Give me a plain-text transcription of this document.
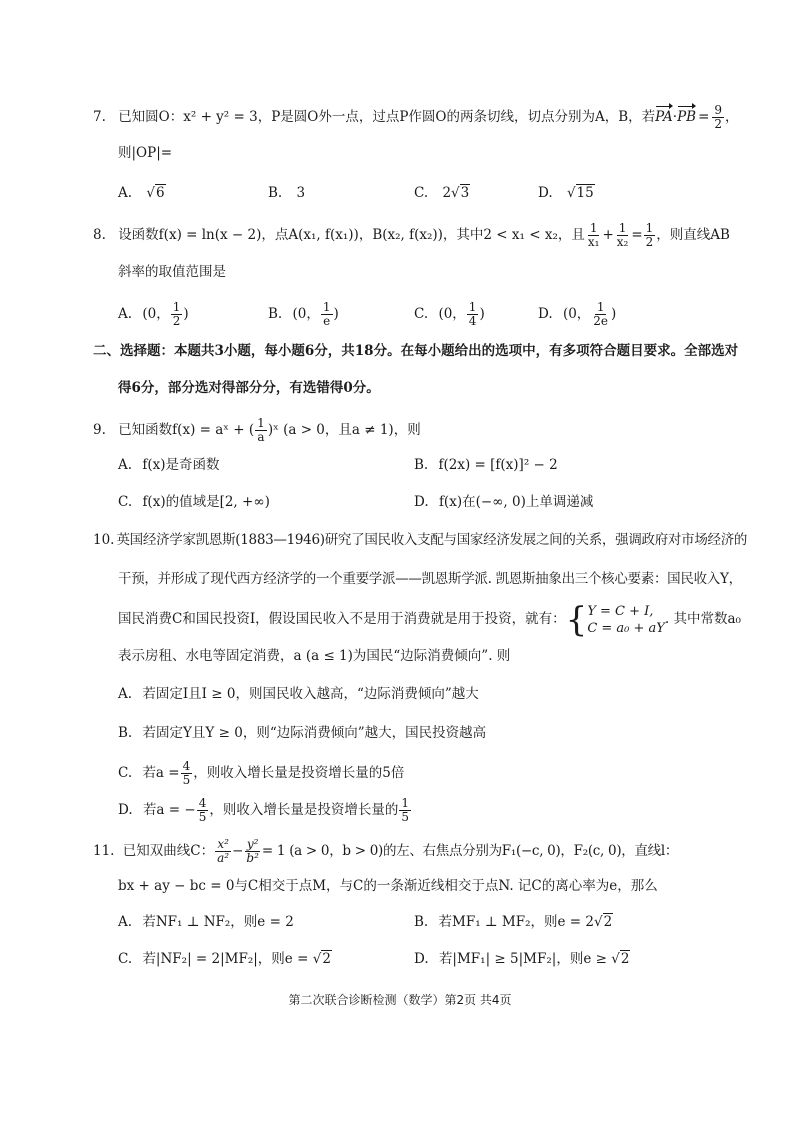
7. 已知圆O：x² + y² = 3，P是圆O外一点，过点P作圆O的两条切线，切点分别为A，B，若$PA\cdot PB = \frac{9}{2}$ ，
则|OP|=
A. √6	B. 3	C. 2√3	D. √15
8. 设函数f(x) = ln(x − 2)，点A(x₁, f(x₁))，B(x₂, f(x₂))，其中2 < x₁ < x₂，且 $\frac{1}{\text{x₁}} + \frac{1}{\text{x₂}} = \frac{1}{2}$ ，则直线AB
斜率的取值范围是
A. (0， $\frac{1}{2}$ )	B. (0， $\frac{1}{e}$ )	C. (0， $\frac{1}{4}$ )	D. (0， $\frac{1}{2e}$ )
二、选择题：本题共3小题，每小题6分，共18分。在每小题给出的选项中，有多项符合题目要求。全部选对
得6分，部分选对得部分分，有选错得0分。
9. 已知函数f(x) = aˣ + ( $\frac{1}{a}$ )ˣ (a > 0，且a ≠ 1)，则
A. f(x)是奇函数	B. f(2x) = [f(x)]² − 2
C. f(x)的值域是[2, +∞)	D. f(x)在(−∞, 0)上单调递减
10. 英国经济学家凯恩斯(1883—1946)研究了国民收入支配与国家经济发展之间的关系，强调政府对市场经济的
干预，并形成了现代西方经济学的一个重要学派——凯恩斯学派. 凯恩斯抽象出三个核心要素：国民收入Y，
国民消费C和国民投资I，假设国民收入不是用于消费就是用于投资，就有：{ Y = C + I,
C = a₀ + aY
. 其中常数a₀
表示房租、水电等固定消费，a (a ≤ 1)为国民“边际消费倾向”. 则
A. 若固定I且I ≥ 0，则国民收入越高，“边际消费倾向”越大
B. 若固定Y且Y ≥ 0，则“边际消费倾向”越大，国民投资越高
C. 若$a = \frac{4}{5}$ ，则收入增长量是投资增长量的5倍
D. 若a = − $\frac{4}{5}$ ，则收入增长量是投资增长量的 $\frac{1}{5}$
11. 已知双曲线C： $\frac{\text{x²}}{\text{a²}} - \frac{\text{y²}}{\text{b²}} = 1$ (a > 0，b > 0)的左、右焦点分别为F₁(−c, 0)，F₂(c, 0)，直线l：
bx + ay − bc = 0与C相交于点M，与C的一条渐近线相交于点N. 记C的离心率为e，那么
A. 若NF₁ ⊥ NF₂，则e = 2	B. 若MF₁ ⊥ MF₂，则e = 2√2
C. 若|NF₂| = 2|MF₂|，则e = √2	D. 若|MF₁| ≥ 5|MF₂|，则e ≥ √2
第二次联合诊断检测（数学）第2页 共4页
